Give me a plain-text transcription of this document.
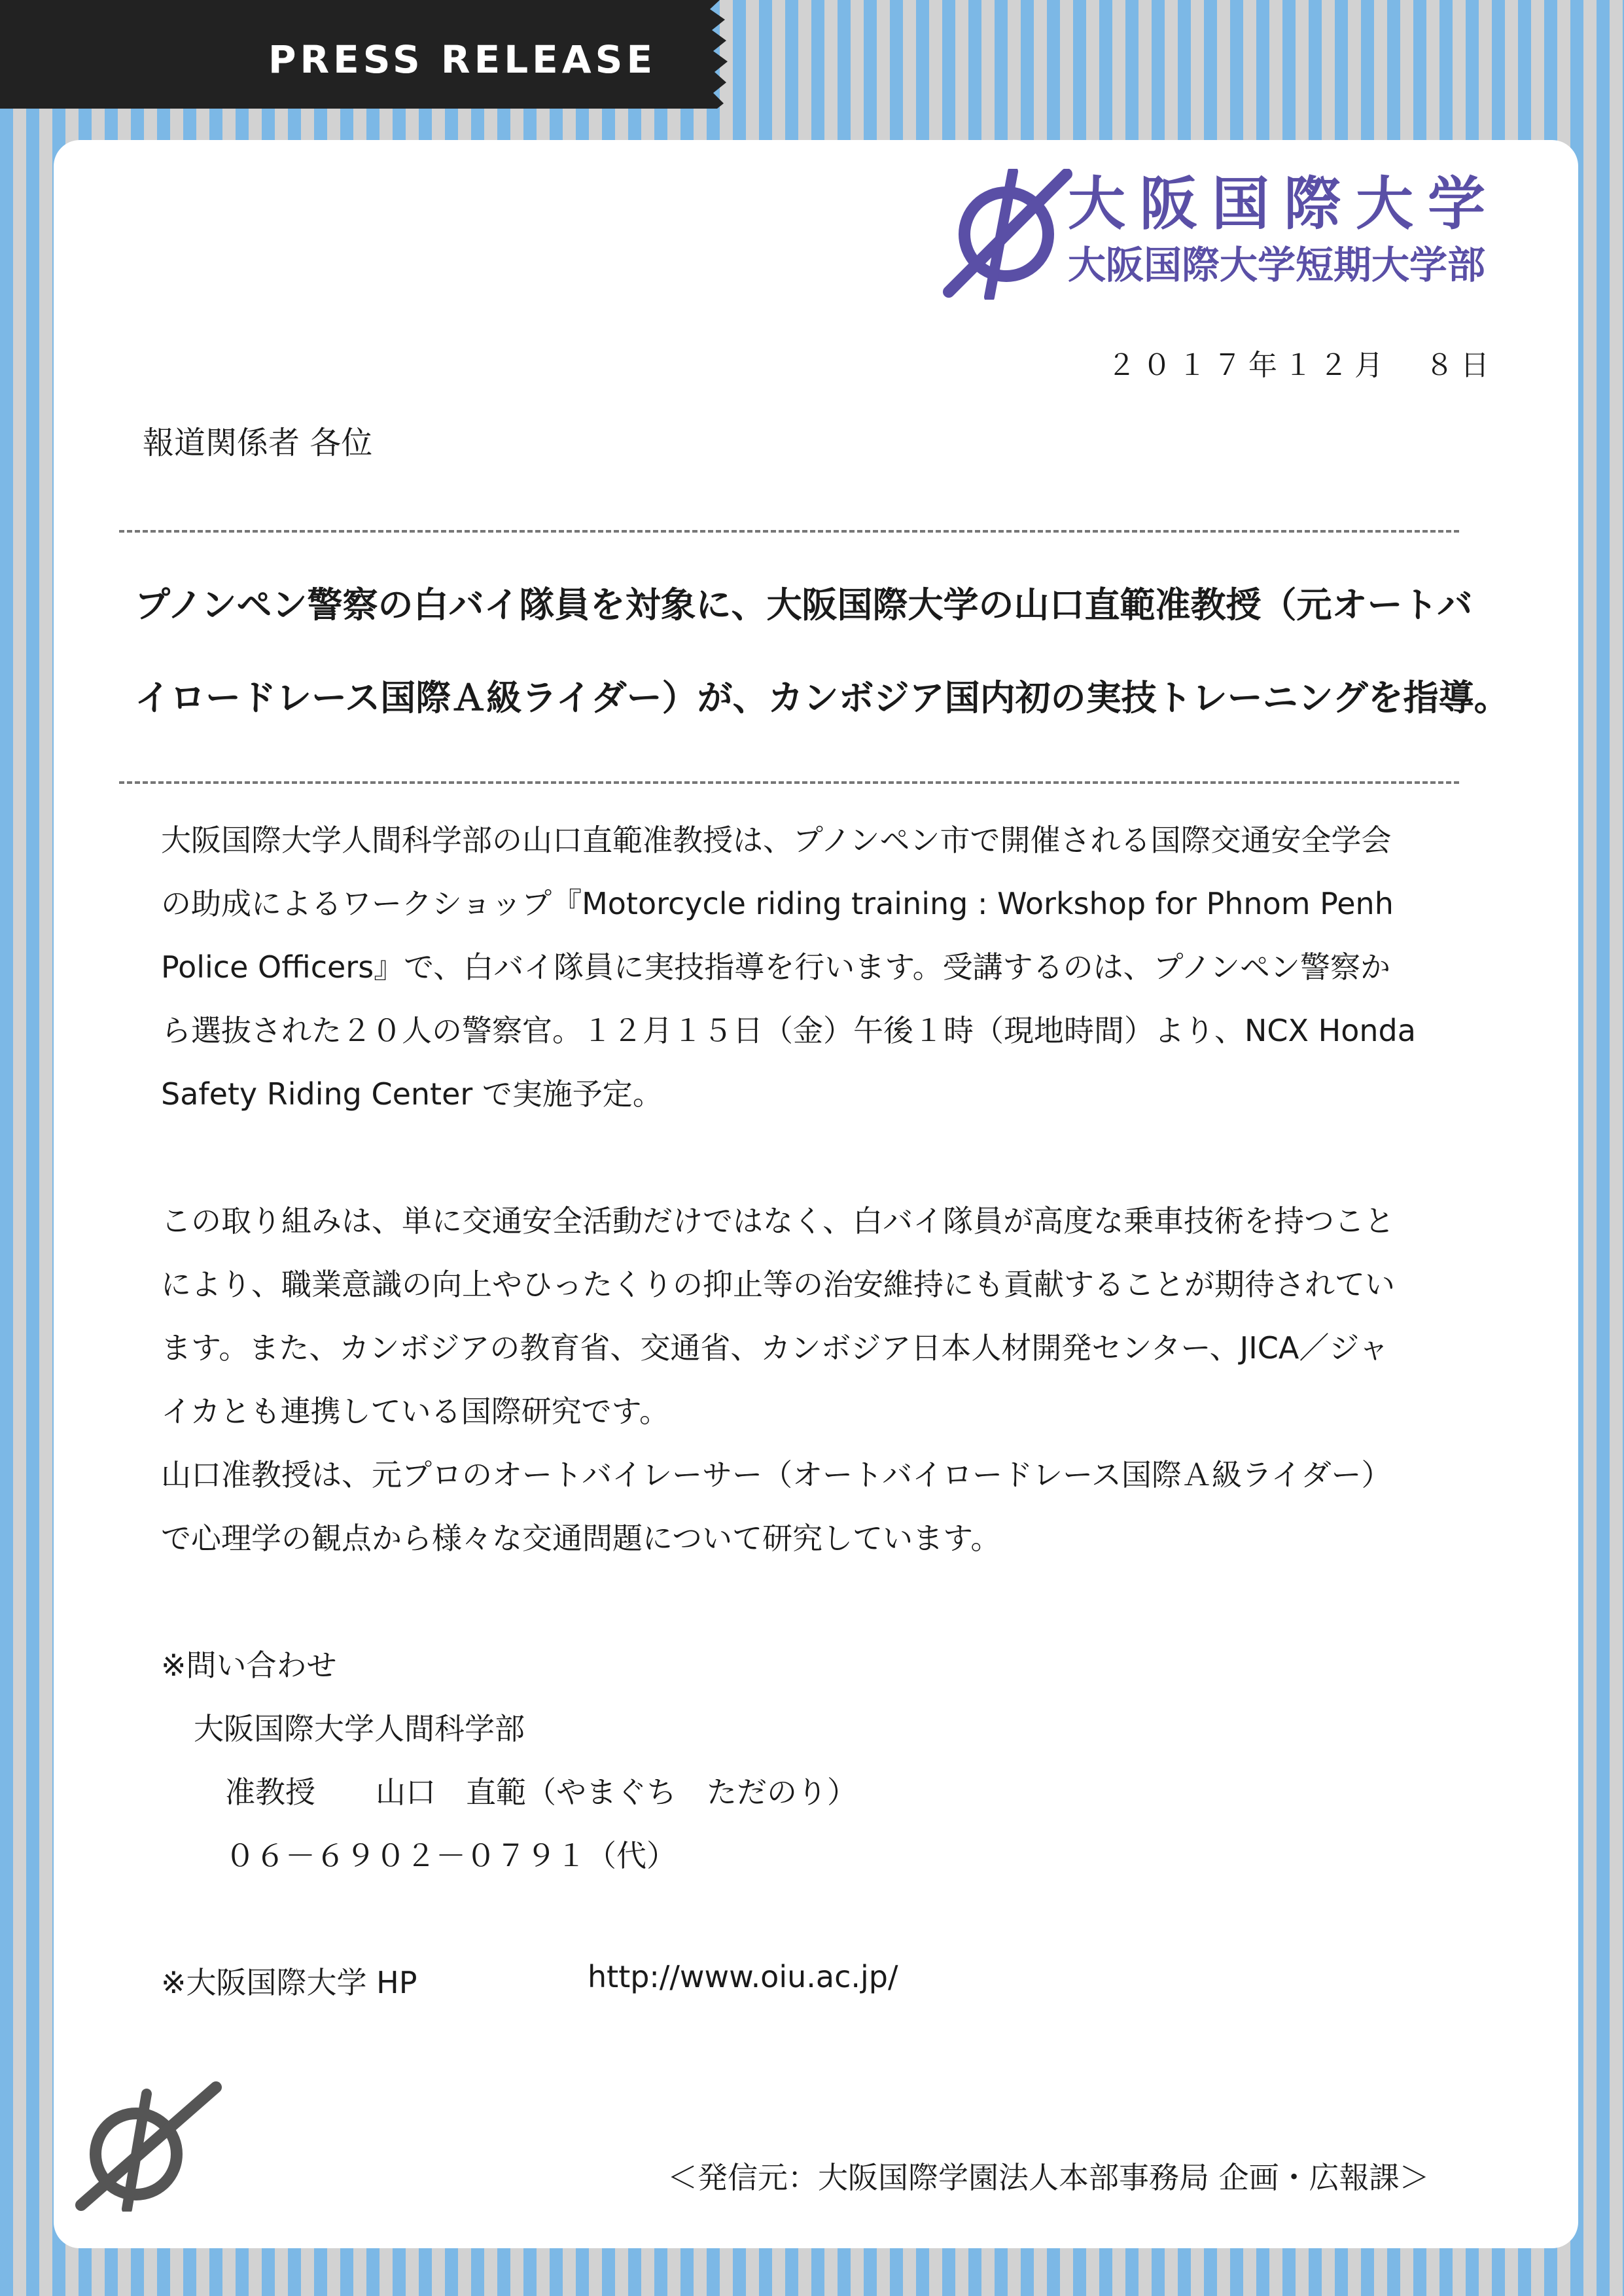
PRESS RELEASE
大阪国際大学
大阪国際大学短期大学部
２０１７年１２月　８日
報道関係者 各位
プノンペン警察の白バイ隊員を対象に、大阪国際大学の山口直範准教授（元オートバ
イロードレース国際Ａ級ライダー）が、カンボジア国内初の実技トレーニングを指導。
大阪国際大学人間科学部の山口直範准教授は、プノンペン市で開催される国際交通安全学会
の助成によるワークショップ『Motorcycle riding training : Workshop for Phnom Penh
Police Officers』で、白バイ隊員に実技指導を行います。受講するのは、プノンペン警察か
ら選抜された２０人の警察官。１２月１５日（金）午後１時（現地時間）より、NCX Honda
Safety Riding Center で実施予定。
この取り組みは、単に交通安全活動だけではなく、白バイ隊員が高度な乗車技術を持つこと
により、職業意識の向上やひったくりの抑止等の治安維持にも貢献することが期待されてい
ます。また、カンボジアの教育省、交通省、カンボジア日本人材開発センター、JICA／ジャ
イカとも連携している国際研究です。
山口准教授は、元プロのオートバイレーサー（オートバイロードレース国際Ａ級ライダー）
で心理学の観点から様々な交通問題について研究しています。
※問い合わせ
大阪国際大学人間科学部
准教授　　山口　直範（やまぐち　ただのり）
０６－６９０２－０７９１（代）
※大阪国際大学 HP	http://www.oiu.ac.jp/
＜発信元：大阪国際学園法人本部事務局 企画・広報課＞
